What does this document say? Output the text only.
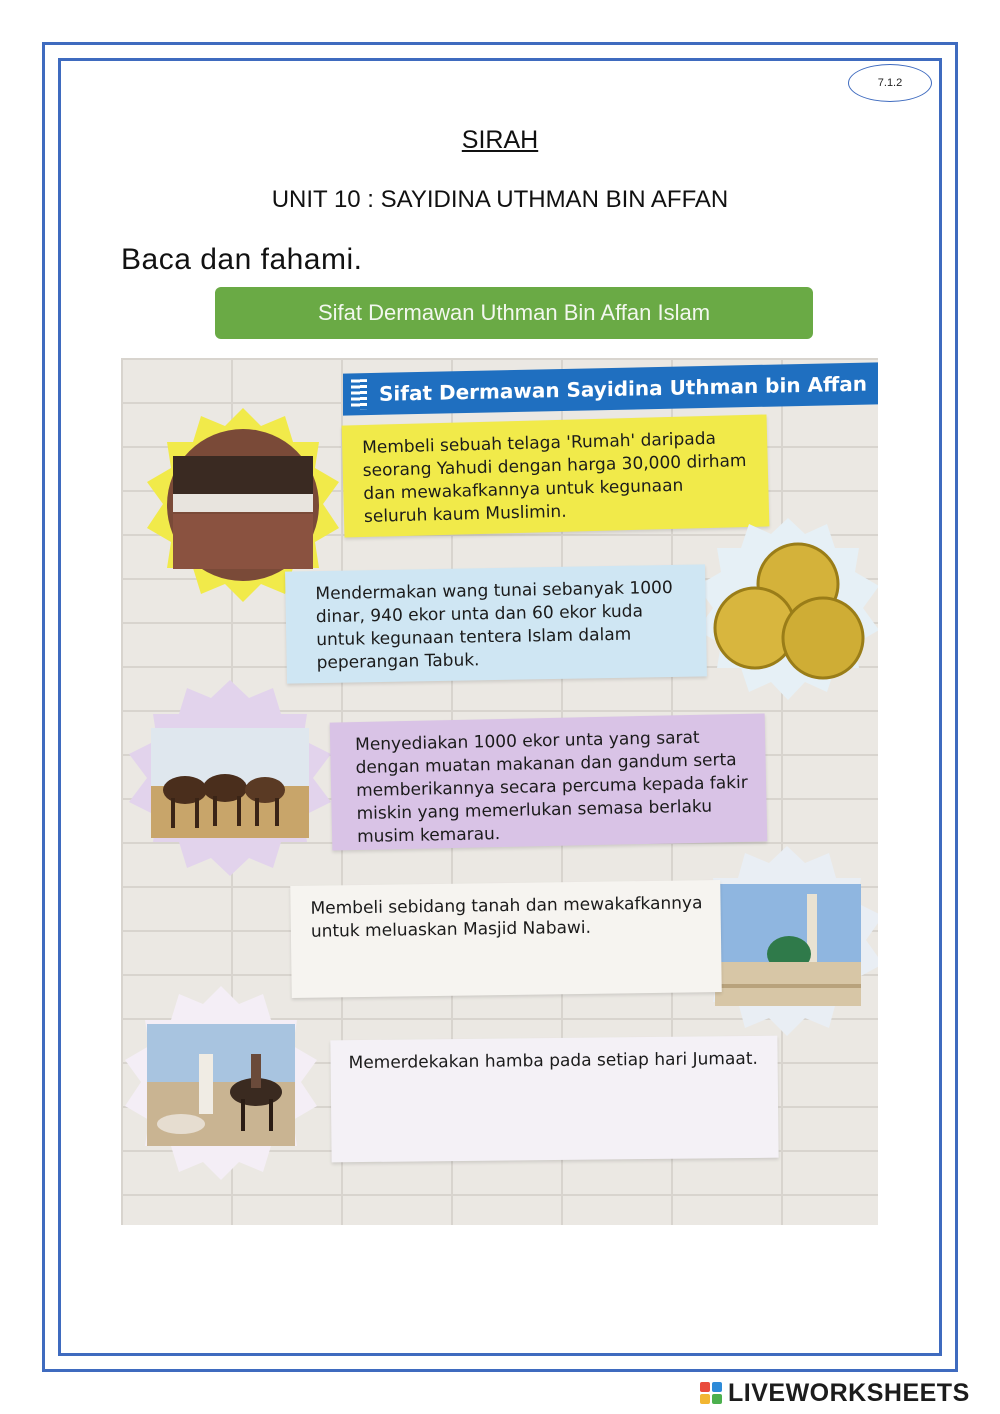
7.1.2
SIRAH
UNIT 10 : SAYIDINA UTHMAN BIN AFFAN
Baca dan fahami.
Sifat Dermawan Uthman Bin Affan Islam
Sifat Dermawan Sayidina Uthman bin Affan
Membeli sebuah telaga 'Rumah' daripada seorang Yahudi dengan harga 30,000 dirham dan mewakafkannya untuk kegunaan seluruh kaum Muslimin.
Mendermakan wang tunai sebanyak 1000 dinar, 940 ekor unta dan 60 ekor kuda untuk kegunaan tentera Islam dalam peperangan Tabuk.
Menyediakan 1000 ekor unta yang sarat dengan muatan makanan dan gandum serta memberikannya secara percuma kepada fakir miskin yang memerlukan semasa berlaku musim kemarau.
Membeli sebidang tanah dan mewakafkannya untuk meluaskan Masjid Nabawi.
Memerdekakan hamba pada setiap hari Jumaat.
LIVEWORKSHEETS
